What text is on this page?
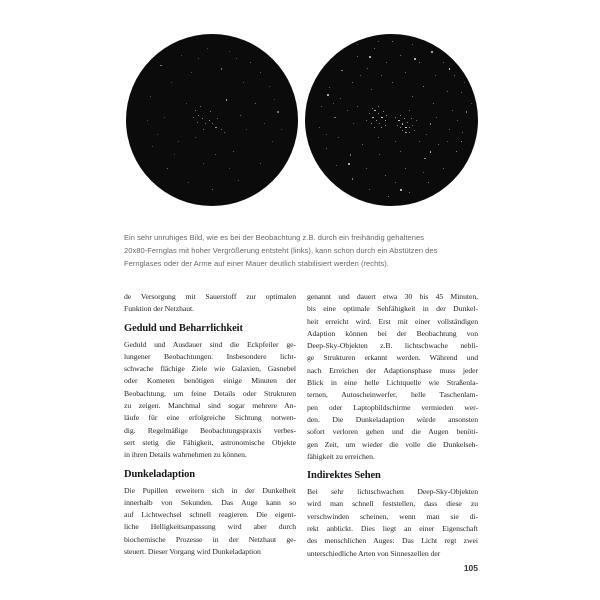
Ein sehr unruhiges Bild, wie es bei der Beobachtung z.B. durch ein freihändig gehaltenes
20x80-Fernglas mit hoher Vergrößerung entsteht (links), kann schon durch ein Abstützen des
Fernglases oder der Arme auf einer Mauer deutlich stabilisiert werden (rechts).
de Versorgung mit Sauerstoff zur optimalen
Funktion der Netzhaut.
Geduld und Beharrlichkeit
Geduld und Ausdauer sind die Eckpfeiler ge-
lungener Beobachtungen. Insbesondere licht-
schwache flächige Ziele wie Galaxien, Gasnebel
oder Kometen benötigen einige Minuten der
Beobachtung, um feine Details oder Strukturen
zu zeigen. Manchmal sind sogar mehrere An-
läufe für eine erfolgreiche Sichtung notwen-
dig. Regelmäßige Beobachtungspraxis verbes-
sert stetig die Fähigkeit, astronomische Objekte
in ihren Details wahrnehmen zu können.
Dunkeladaption
Die Pupillen erweitern sich in der Dunkelheit
innerhalb von Sekunden. Das Auge kann so
auf Lichtwechsel schnell reagieren. Die eigent-
liche Helligkeitsanpassung wird aber durch
biochemische Prozesse in der Netzhaut ge-
steuert. Dieser Vorgang wird Dunkeladaption
genannt und dauert etwa 30 bis 45 Minuten,
bis eine optimale Sehfähigkeit in der Dunkel-
heit erreicht wird. Erst mit einer vollständigen
Adaption können bei der Beobachtung von
Deep-Sky-Objekten z.B. lichtschwache nebli-
ge Strukturen erkannt werden. Während und
nach Erreichen der Adaptionsphase muss jeder
Blick in eine helle Lichtquelle wie Straßenla-
ternen, Autoscheinwerfer, helle Taschenlam-
pen oder Laptopbildschirme vermieden wer-
den. Die Dunkeladaption würde ansonsten
sofort verloren gehen und die Augen benöti-
gen Zeit, um wieder die volle die Dunkelseh-
fähigkeit zu erreichen.
Indirektes Sehen
Bei sehr lichtschwachen Deep-Sky-Objekten
wird man schnell feststellen, dass diese zu
verschwinden scheinen, wenn man sie di-
rekt anblickt. Dies liegt an einer Eigenschaft
des menschlichen Auges: Das Licht regt zwei
unterschiedliche Arten von Sinneszellen der
105
